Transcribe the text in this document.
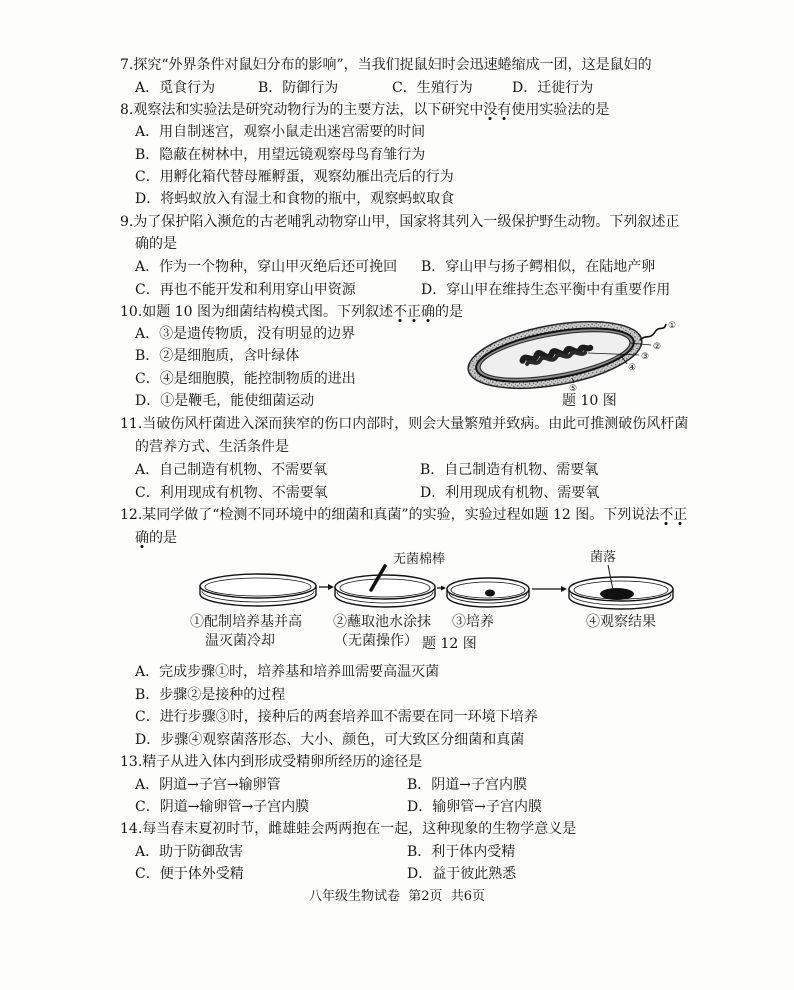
7.探究“外界条件对鼠妇分布的影响”，当我们捉鼠妇时会迅速蜷缩成一团，这是鼠妇的
A．觅食行为	B．防御行为	C．生殖行为	D．迁徙行为
8.观察法和实验法是研究动物行为的主要方法，以下研究中没有使用实验法的是
A．用自制迷宫，观察小鼠走出迷宫需要的时间
B．隐蔽在树林中，用望远镜观察母鸟育雏行为
C．用孵化箱代替母雁孵蛋，观察幼雁出壳后的行为
D．将蚂蚁放入有湿土和食物的瓶中，观察蚂蚁取食
9.为了保护陷入濒危的古老哺乳动物穿山甲，国家将其列入一级保护野生动物。下列叙述正
确的是
A．作为一个物种，穿山甲灭绝后还可挽回 B．穿山甲与扬子鳄相似，在陆地产卵
C．再也不能开发和利用穿山甲资源	D．穿山甲在维持生态平衡中有重要作用
10.如题 10 图为细菌结构模式图。下列叙述不正确的是
A．③是遗传物质，没有明显的边界
B．②是细胞质，含叶绿体
C．④是细胞膜，能控制物质的进出
D．①是鞭毛，能使细菌运动
①
②
③
④
⑤
题 10 图
11.当破伤风杆菌进入深而狭窄的伤口内部时，则会大量繁殖并致病。由此可推测破伤风杆菌
的营养方式、生活条件是
A．自己制造有机物、不需要氧	B．自己制造有机物、需要氧
C．利用现成有机物、不需要氧	D．利用现成有机物、需要氧
12.某同学做了“检测不同环境中的细菌和真菌”的实验，实验过程如题 12 图。下列说法不正
确的是
无菌棉棒	菌落
①配制培养基并高
温灭菌冷却
②蘸取池水涂抹
（无菌操作）
③培养	④观察结果
题 12 图
A．完成步骤①时，培养基和培养皿需要高温灭菌
B．步骤②是接种的过程
C．进行步骤③时，接种后的两套培养皿不需要在同一环境下培养
D．步骤④观察菌落形态、大小、颜色，可大致区分细菌和真菌
13.精子从进入体内到形成受精卵所经历的途径是
A．阴道→子宫→输卵管	B．阴道→子宫内膜
C．阴道→输卵管→子宫内膜	D．输卵管→子宫内膜
14.每当春末夏初时节，雌雄蛙会两两抱在一起，这种现象的生物学意义是
A．助于防御敌害	B．利于体内受精
C．便于体外受精	D．益于彼此熟悉
八年级生物试卷  第2页  共6页
